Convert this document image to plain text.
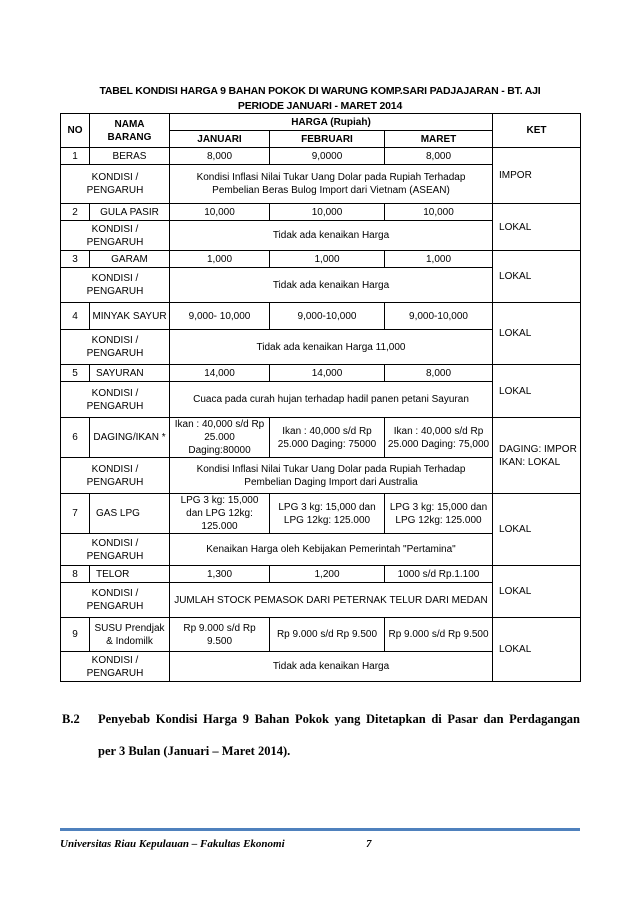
TABEL KONDISI HARGA 9 BAHAN POKOK DI WARUNG KOMP.SARI PADJAJARAN - BT. AJI
PERIODE JANUARI - MARET 2014
NO	NAMA BARANG	HARGA (Rupiah)			KET
		JANUARI	FEBRUARI	MARET	
1	BERAS	8,000	9,0000	8,000	IMPOR
KONDISI / PENGARUH		Kondisi Inflasi Nilai Tukar Uang Dolar pada Rupiah Terhadap Pembelian Beras Bulog Import dari Vietnam (ASEAN)			
2	GULA PASIR	10,000	10,000	10,000	LOKAL
KONDISI / PENGARUH		Tidak ada kenaikan Harga			
3	GARAM	1,000	1,000	1,000	LOKAL
KONDISI / PENGARUH		Tidak ada kenaikan Harga			
4	MINYAK SAYUR	9,000- 10,000	9,000-10,000	9,000-10,000	LOKAL
KONDISI / PENGARUH		Tidak ada kenaikan Harga 11,000			
5	SAYURAN	14,000	14,000	8,000	LOKAL
KONDISI / PENGARUH		Cuaca pada curah hujan terhadap hadil panen petani Sayuran			
6	DAGING/IKAN *	Ikan : 40,000 s/d Rp 25.000 Daging:80000	Ikan : 40,000 s/d Rp 25.000 Daging: 75000	Ikan : 40,000 s/d Rp 25.000 Daging: 75,000	DAGING: IMPOR IKAN: LOKAL
KONDISI / PENGARUH		Kondisi Inflasi Nilai Tukar Uang Dolar pada Rupiah Terhadap Pembelian Daging Import dari Australia			
7	GAS LPG	LPG 3 kg: 15,000 dan LPG 12kg: 125.000	LPG 3 kg: 15,000 dan LPG 12kg: 125.000	LPG 3 kg: 15,000 dan LPG 12kg: 125.000	LOKAL
KONDISI / PENGARUH		Kenaikan Harga oleh Kebijakan Pemerintah "Pertamina"			
8	TELOR	1,300	1,200	1000 s/d Rp.1.100	LOKAL
KONDISI / PENGARUH		JUMLAH STOCK PEMASOK DARI PETERNAK TELUR DARI MEDAN			
9	SUSU Prendjak & Indomilk	Rp 9.000 s/d Rp 9.500	Rp 9.000 s/d Rp 9.500	Rp 9.000 s/d Rp 9.500	LOKAL
KONDISI / PENGARUH		Tidak ada kenaikan Harga			
B.2 Penyebab Kondisi Harga 9 Bahan Pokok yang Ditetapkan di Pasar dan Perdagangan
per 3 Bulan (Januari – Maret 2014).
Universitas Riau Kepulauan – Fakultas Ekonomi	7
